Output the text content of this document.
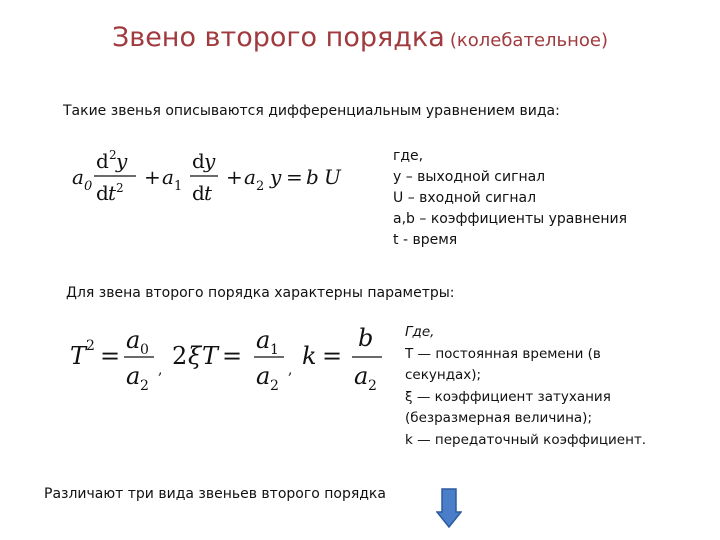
Звено второго порядка (колебательное)
Такие звенья описываются дифференциальным уравнением вида:
a 0
d 2 y
d t 2 + a 1
d y
d t
+ a 2 y = b U
где,
y – выходной сигнал
U – входной сигнал
a,b – коэффициенты уравнения
t - время
Для звена второго порядка характерны параметры:
T 2 =
a 0
a 2
, 2 ξ T =
a 1
a 2
, k =
b
a 2
Где,
T — постоянная времени (в
секундах);
ξ — коэффициент затухания
(безразмерная величина);
k — передаточный коэффициент.
Различают три вида звеньев второго порядка
